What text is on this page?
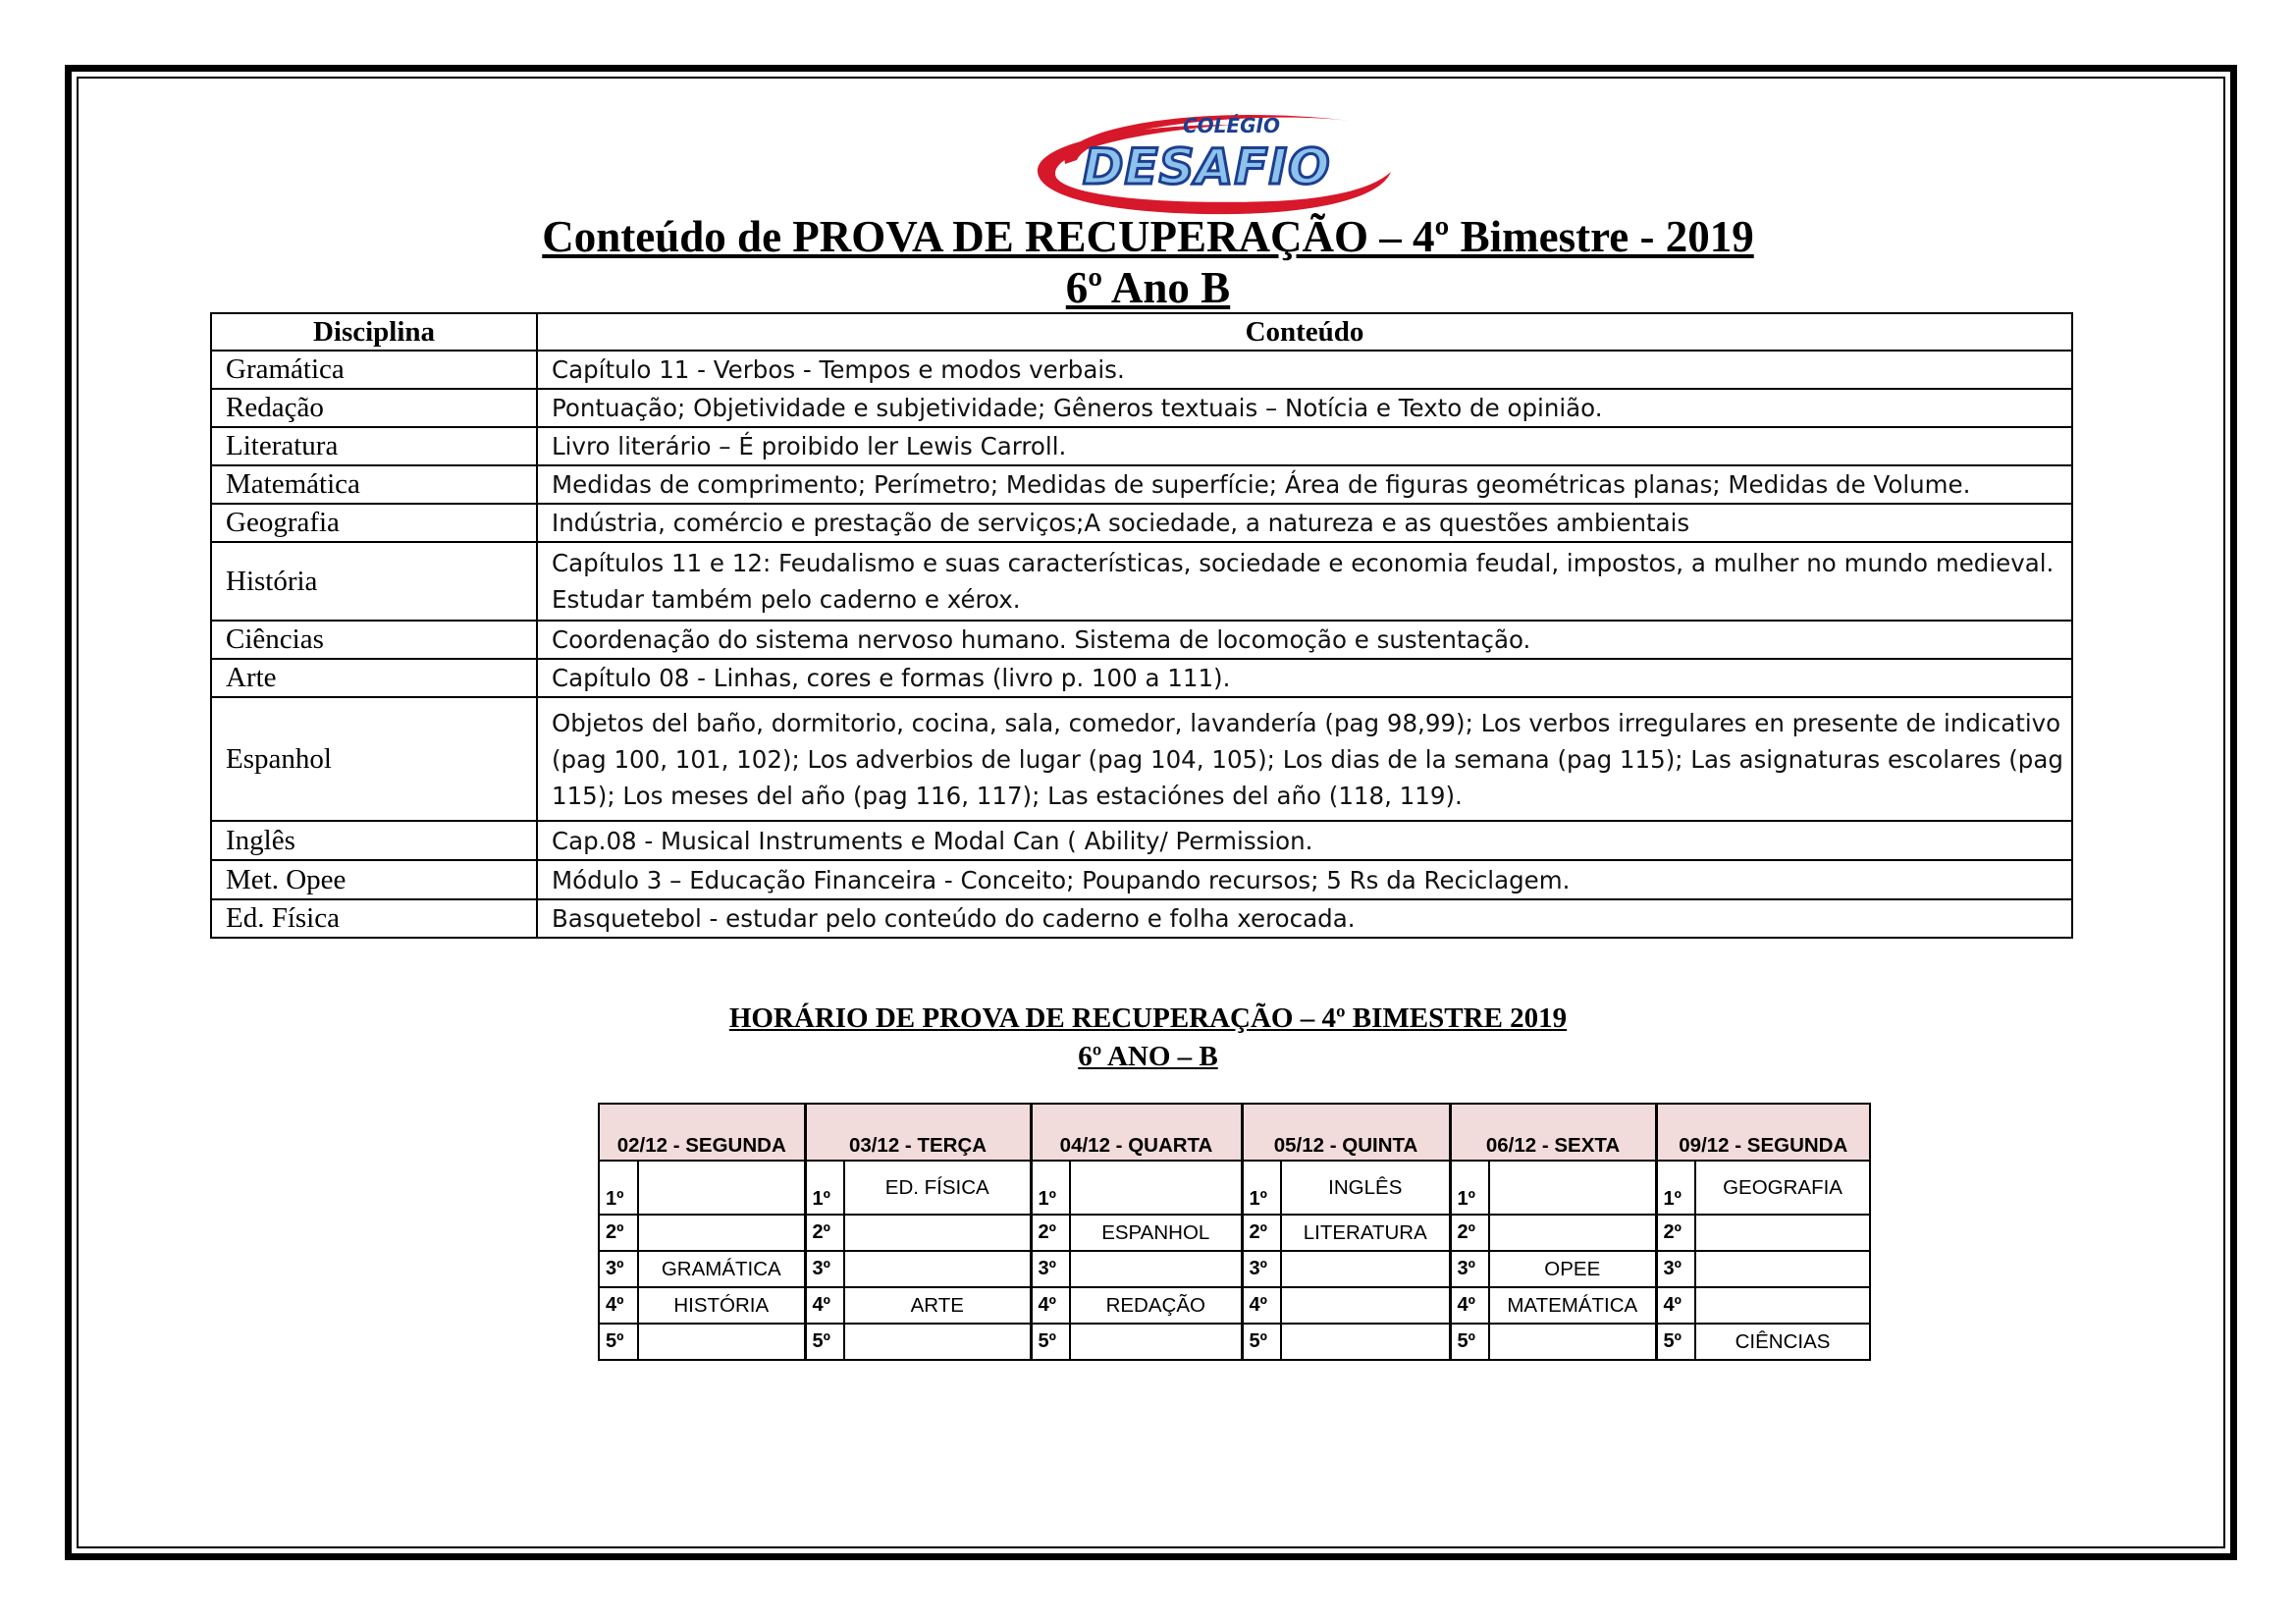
COLÉGIO
DESAFIO
Conteúdo de PROVA DE RECUPERAÇÃO – 4º Bimestre - 2019
6º Ano B
Disciplina	Conteúdo
Gramática	Capítulo 11 - Verbos - Tempos e modos verbais.
Redação	Pontuação; Objetividade e subjetividade; Gêneros textuais – Notícia e Texto de opinião.
Literatura	Livro literário – É proibido ler Lewis Carroll.
Matemática	Medidas de comprimento; Perímetro; Medidas de superfície; Área de figuras geométricas planas; Medidas de Volume.
Geografia	Indústria, comércio e prestação de serviços;A sociedade, a natureza e as questões ambientais
História	Capítulos 11 e 12: Feudalismo e suas características, sociedade e economia feudal, impostos, a mulher no mundo medieval. Estudar também pelo caderno e xérox.
Ciências	Coordenação do sistema nervoso humano. Sistema de locomoção e sustentação.
Arte	Capítulo 08 - Linhas, cores e formas (livro p. 100 a 111).
Espanhol	Objetos del baño, dormitorio, cocina, sala, comedor, lavandería (pag 98,99); Los verbos irregulares en presente de indicativo (pag 100, 101, 102); Los adverbios de lugar (pag 104, 105); Los dias de la semana (pag 115); Las asignaturas escolares (pag 115); Los meses del año (pag 116, 117); Las estaciónes del año (118, 119).
Inglês	Cap.08 - Musical Instruments e Modal Can ( Ability/ Permission.
Met. Opee	Módulo 3 – Educação Financeira - Conceito; Poupando recursos; 5 Rs da Reciclagem.
Ed. Física	Basquetebol - estudar pelo conteúdo do caderno e folha xerocada.
HORÁRIO DE PROVA DE RECUPERAÇÃO – 4º BIMESTRE 2019
6º ANO – B
02/12 - SEGUNDA		03/12 - TERÇA		04/12 - QUARTA		05/12 - QUINTA		06/12 - SEXTA		09/12 - SEGUNDA	
1º		1º	ED. FÍSICA	1º		1º	INGLÊS	1º		1º	GEOGRAFIA
2º		2º		2º	ESPANHOL	2º	LITERATURA	2º		2º	
3º	GRAMÁTICA	3º		3º		3º		3º	OPEE	3º	
4º	HISTÓRIA	4º	ARTE	4º	REDAÇÃO	4º		4º	MATEMÁTICA	4º	
5º		5º		5º		5º		5º		5º	CIÊNCIAS
